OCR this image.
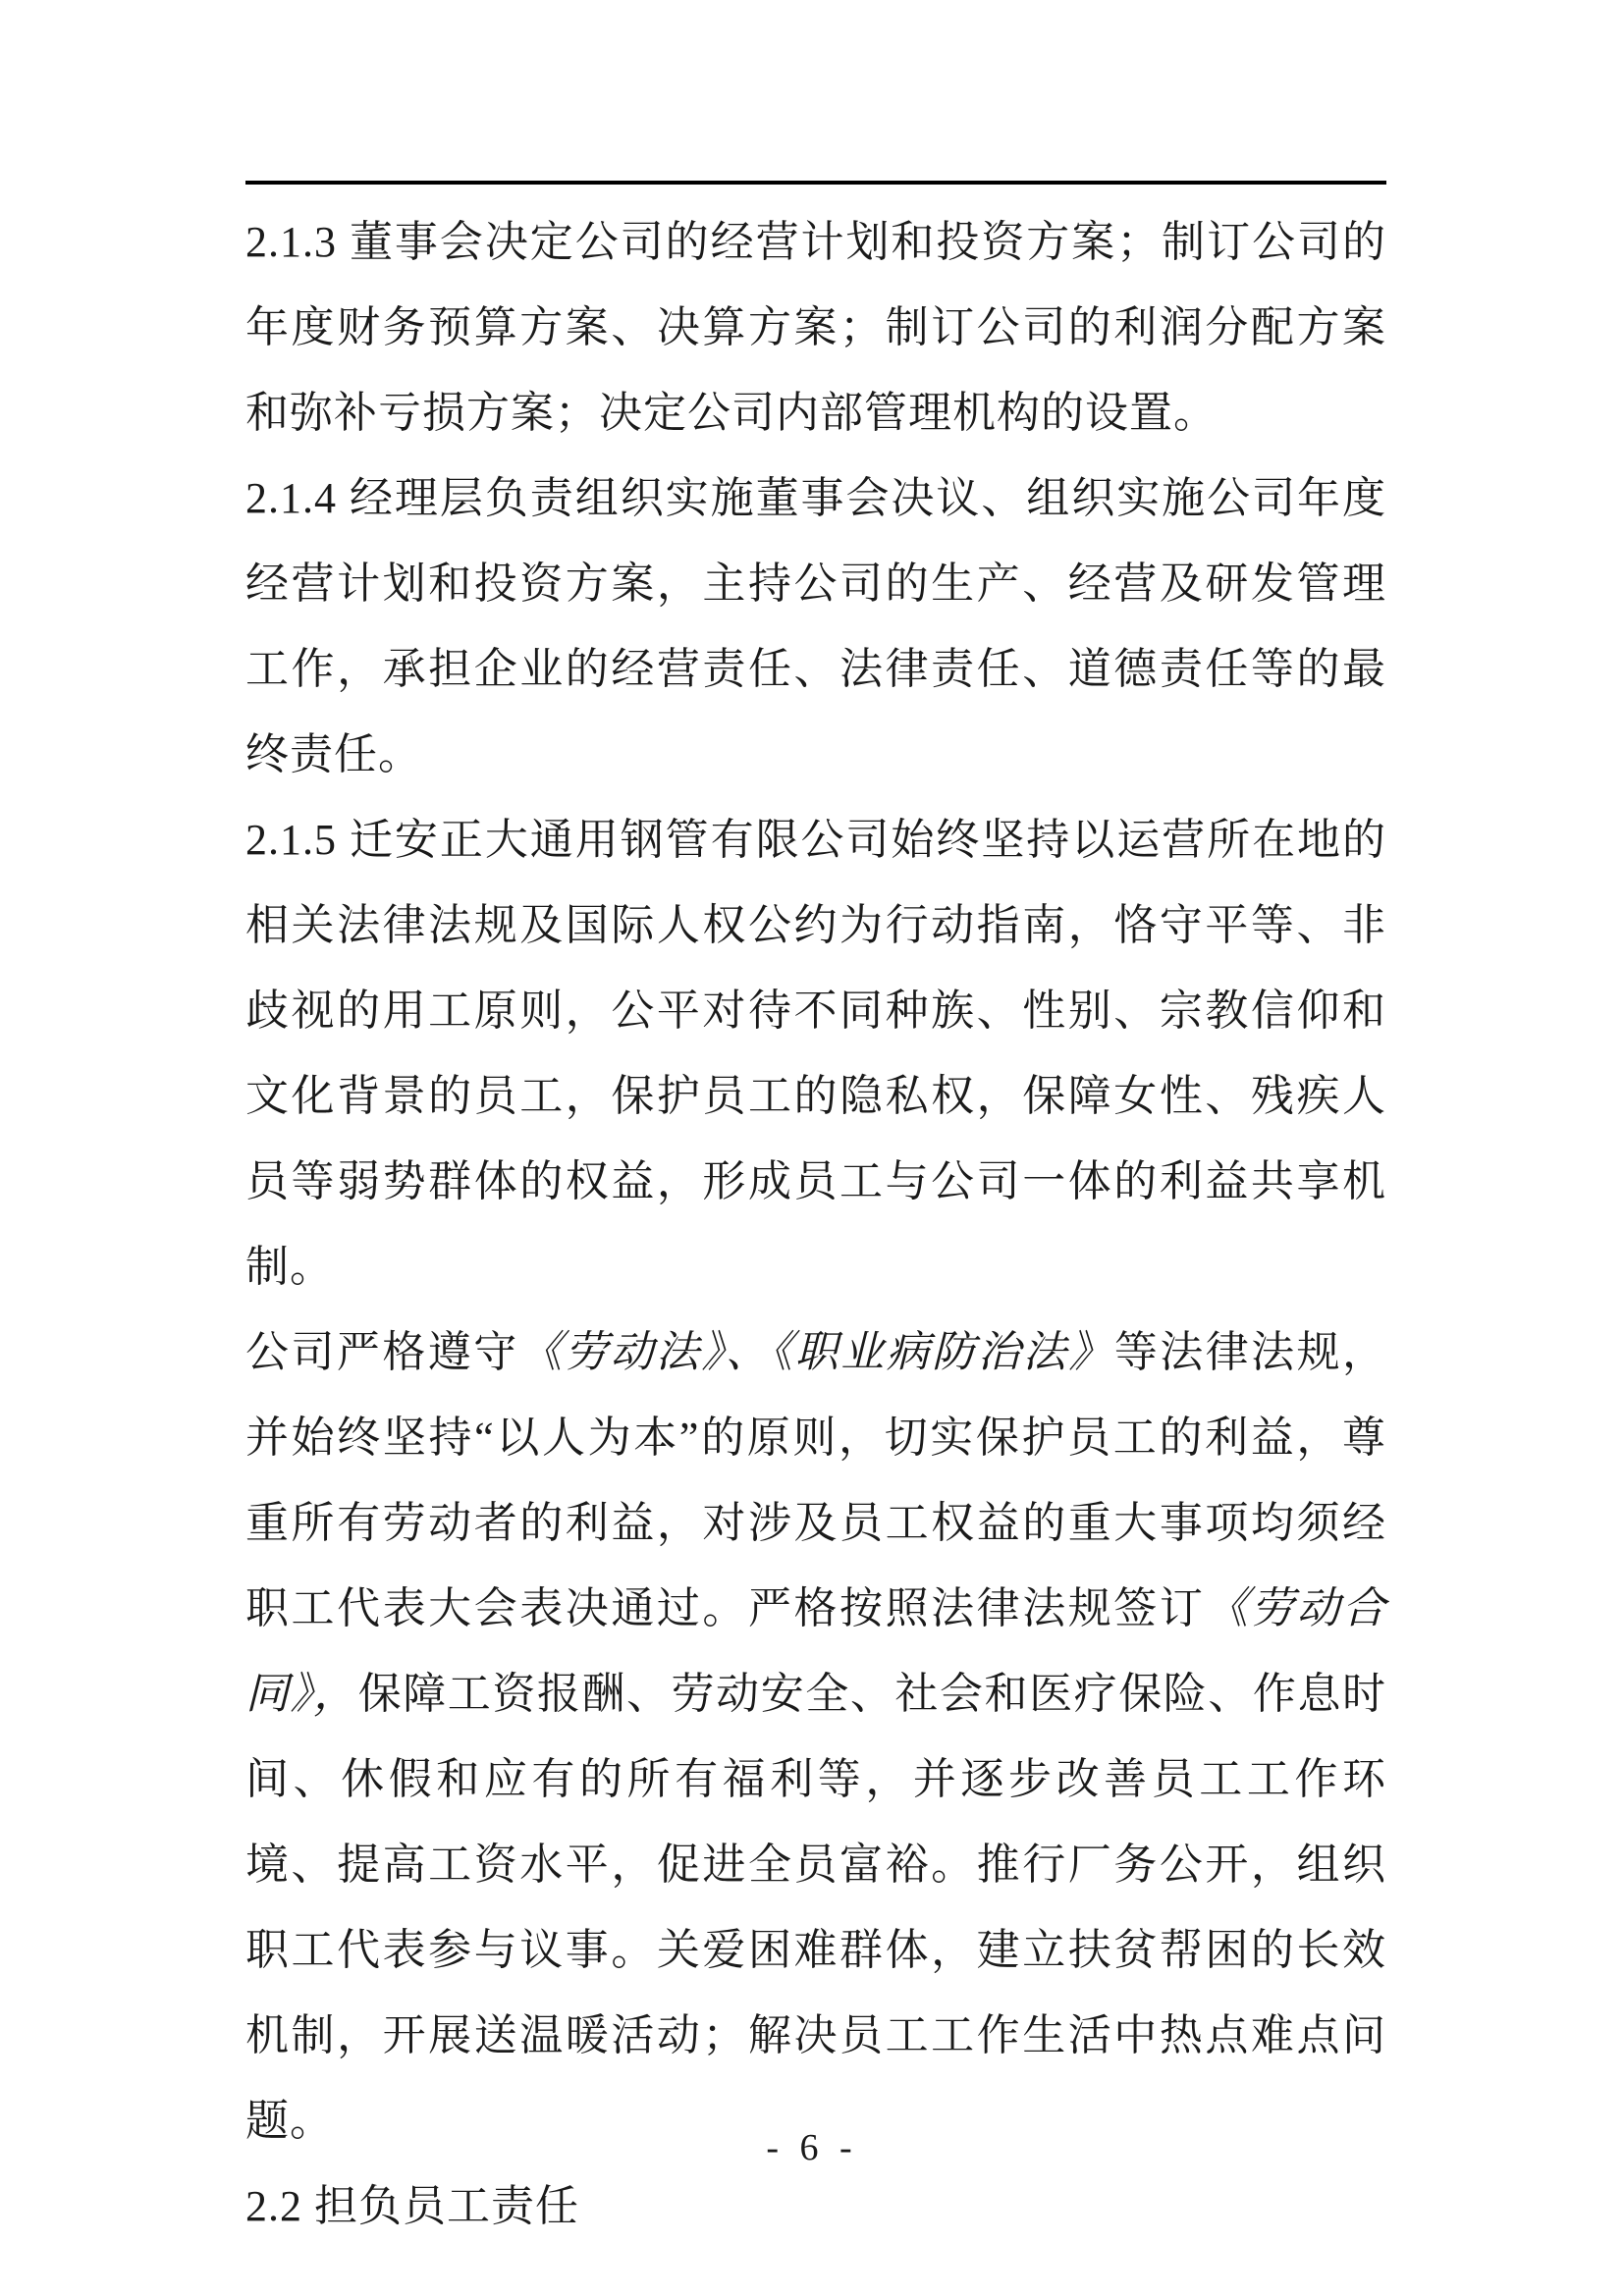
2.1.3 董事会决定公司的经营计划和投资方案；制订公司的年度财务预算方案、决算方案；制订公司的利润分配方案和弥补亏损方案；决定公司内部管理机构的设置。

2.1.4 经理层负责组织实施董事会决议、组织实施公司年度经营计划和投资方案，主持公司的生产、经营及研发管理工作，承担企业的经营责任、法律责任、道德责任等的最终责任。

2.1.5 迁安正大通用钢管有限公司始终坚持以运营所在地的相关法律法规及国际人权公约为行动指南，恪守平等、非歧视的用工原则，公平对待不同种族、性别、宗教信仰和文化背景的员工，保护员工的隐私权，保障女性、残疾人员等弱势群体的权益，形成员工与公司一体的利益共享机制。

公司严格遵守《劳动法》、《职业病防治法》等法律法规，并始终坚持“以人为本”的原则，切实保护员工的利益，尊重所有劳动者的利益，对涉及员工权益的重大事项均须经职工代表大会表决通过。严格按照法律法规签订《劳动合同》，保障工资报酬、劳动安全、社会和医疗保险、作息时间、休假和应有的所有福利等，并逐步改善员工工作环境、提高工资水平，促进全员富裕。推行厂务公开，组织职工代表参与议事。关爱困难群体，建立扶贫帮困的长效机制，开展送温暖活动；解决员工工作生活中热点难点问题。

2.2 担负员工责任

- 6 -
